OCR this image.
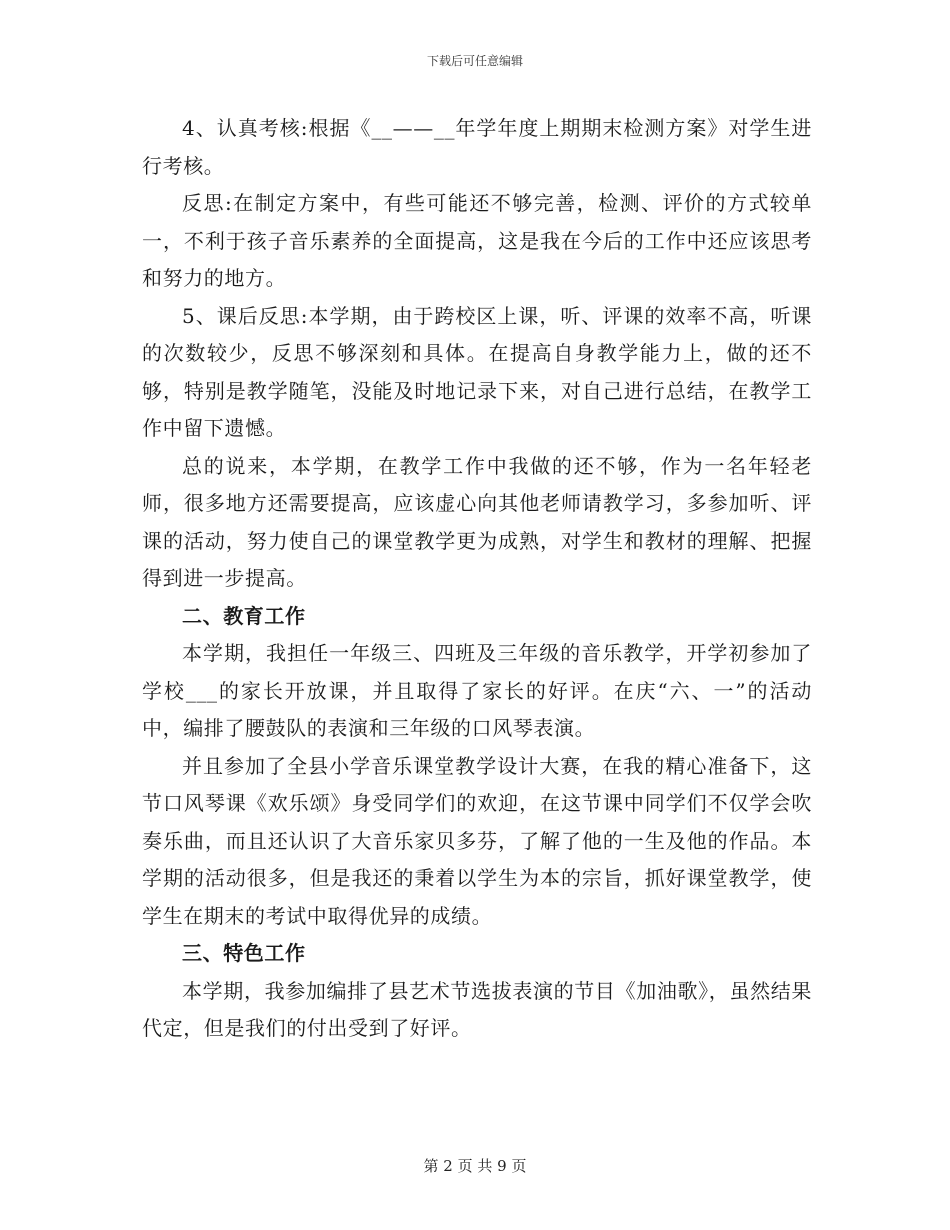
下载后可任意编辑

4、认真考核:根据《__——__年学年度上期期末检测方案》对学生进行考核。

反思:在制定方案中，有些可能还不够完善，检测、评价的方式较单一，不利于孩子音乐素养的全面提高，这是我在今后的工作中还应该思考和努力的地方。

5、课后反思:本学期，由于跨校区上课，听、评课的效率不高，听课的次数较少，反思不够深刻和具体。在提高自身教学能力上，做的还不够，特别是教学随笔，没能及时地记录下来，对自己进行总结，在教学工作中留下遗憾。

总的说来，本学期，在教学工作中我做的还不够，作为一名年轻老师，很多地方还需要提高，应该虚心向其他老师请教学习，多参加听、评课的活动，努力使自己的课堂教学更为成熟，对学生和教材的理解、把握得到进一步提高。

二、教育工作

本学期，我担任一年级三、四班及三年级的音乐教学，开学初参加了学校___的家长开放课，并且取得了家长的好评。在庆“六、一”的活动中，编排了腰鼓队的表演和三年级的口风琴表演。

并且参加了全县小学音乐课堂教学设计大赛，在我的精心准备下，这节口风琴课《欢乐颂》身受同学们的欢迎，在这节课中同学们不仅学会吹奏乐曲，而且还认识了大音乐家贝多芬，了解了他的一生及他的作品。本学期的活动很多，但是我还的秉着以学生为本的宗旨，抓好课堂教学，使学生在期末的考试中取得优异的成绩。

三、特色工作

本学期，我参加编排了县艺术节选拔表演的节目《加油歌》，虽然结果代定，但是我们的付出受到了好评。

第 2 页 共 9 页
